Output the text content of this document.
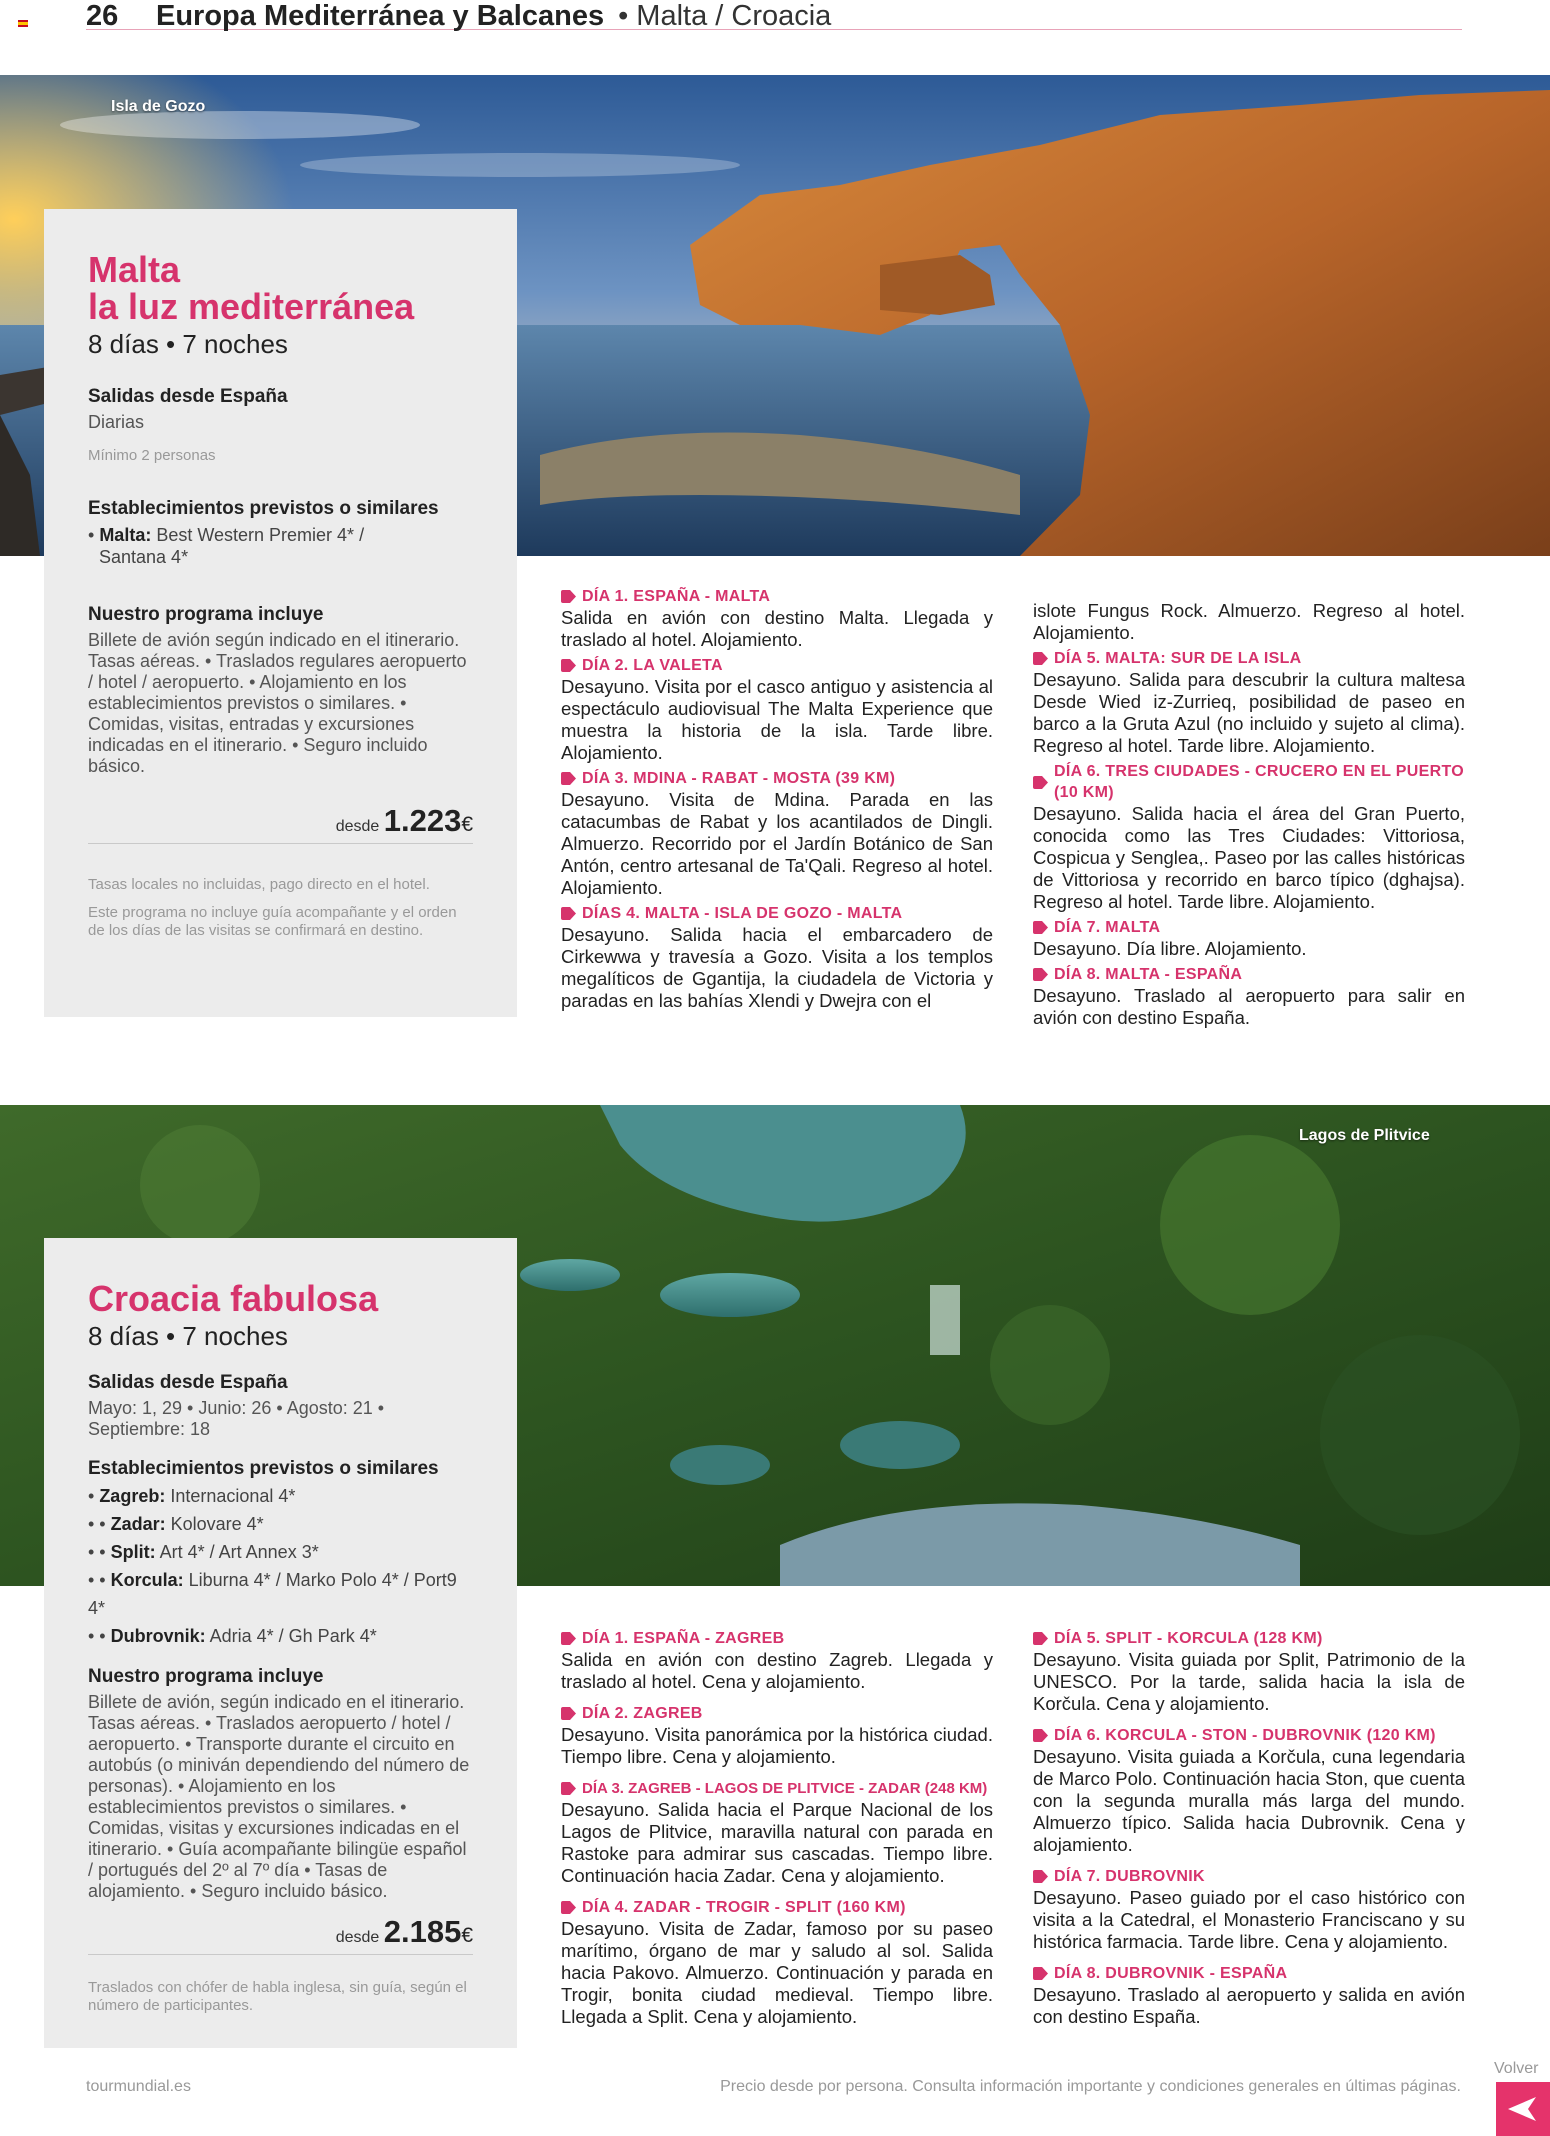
26	Europa Mediterránea y Balcanes • Malta / Croacia
Isla de Gozo
Malta
la luz mediterránea
8 días • 7 noches
Salidas desde España
Diarias
Mínimo 2 personas
Establecimientos previstos o similares
• Malta: Best Western Premier 4* /
Santana 4*
Nuestro programa incluye
Billete de avión según indicado en el itinerario. Tasas aéreas. • Traslados regulares aeropuerto / hotel / aeropuerto. • Alojamiento en los establecimientos previstos o similares. • Comidas, visitas, entradas y excursiones indicadas en el itinerario. • Seguro incluido básico.
desde 1.223€
Tasas locales no incluidas, pago directo en el hotel.
Este programa no incluye guía acompañante y el orden de los días de las visitas se confirmará en destino.
DÍA 1. ESPAÑA - MALTA
Salida en avión con destino Malta. Llegada y traslado al hotel. Alojamiento.
DÍA 2. LA VALETA
Desayuno. Visita por el casco antiguo y asistencia al espectáculo audiovisual The Malta Experience que muestra la historia de la isla. Tarde libre. Alojamiento.
DÍA 3. MDINA - RABAT - MOSTA (39 KM)
Desayuno. Visita de Mdina. Parada en las catacumbas de Rabat y los acantilados de Dingli. Almuerzo. Recorrido por el Jardín Botánico de San Antón, centro artesanal de Ta'Qali. Regreso al hotel. Alojamiento.
DÍAS 4. MALTA - ISLA DE GOZO - MALTA
Desayuno. Salida hacia el embarcadero de Cirkewwa y travesía a Gozo. Visita a los templos megalíticos de Ggantija, la ciudadela de Victoria y paradas en las bahías Xlendi y Dwejra con el
islote Fungus Rock. Almuerzo. Regreso al hotel. Alojamiento.
DÍA 5. MALTA: SUR DE LA ISLA
Desayuno. Salida para descubrir la cultura maltesa Desde Wied iz-Zurrieq, posibilidad de paseo en barco a la Gruta Azul (no incluido y sujeto al clima). Regreso al hotel. Tarde libre. Alojamiento.
DÍA 6. TRES CIUDADES - CRUCERO EN EL PUERTO (10 KM)
Desayuno. Salida hacia el área del Gran Puerto, conocida como las Tres Ciudades: Vittoriosa, Cospicua y Senglea,. Paseo por las calles históricas de Vittoriosa y recorrido en barco típico (dghajsa). Regreso al hotel. Tarde libre. Alojamiento.
DÍA 7. MALTA
Desayuno. Día libre. Alojamiento.
DÍA 8. MALTA - ESPAÑA
Desayuno. Traslado al aeropuerto para salir en avión con destino España.
Lagos de Plitvice
Croacia fabulosa
8 días • 7 noches
Salidas desde España
Mayo: 1, 29 • Junio: 26 • Agosto: 21 • Septiembre: 18
Establecimientos previstos o similares
• Zagreb: Internacional 4*
• • Zadar: Kolovare 4*
• • Split: Art 4* / Art Annex 3*
• • Korcula: Liburna 4* / Marko Polo 4* / Port9 4*
• • Dubrovnik: Adria 4* / Gh Park 4*
Nuestro programa incluye
Billete de avión, según indicado en el itinerario. Tasas aéreas. • Traslados aeropuerto / hotel / aeropuerto. • Transporte durante el circuito en autobús (o miniván dependiendo del número de personas). • Alojamiento en los establecimientos previstos o similares. • Comidas, visitas y excursiones indicadas en el itinerario. • Guía acompañante bilingüe español / portugués del 2º al 7º día • Tasas de alojamiento. • Seguro incluido básico.
desde 2.185€
Traslados con chófer de habla inglesa, sin guía, según el número de participantes.
DÍA 1. ESPAÑA - ZAGREB
Salida en avión con destino Zagreb. Llegada y traslado al hotel. Cena y alojamiento.
DÍA 2. ZAGREB
Desayuno. Visita panorámica por la histórica ciudad. Tiempo libre. Cena y alojamiento.
DÍA 3. ZAGREB - LAGOS DE PLITVICE - ZADAR (248 KM)
Desayuno. Salida hacia el Parque Nacional de los Lagos de Plitvice, maravilla natural con parada en Rastoke para admirar sus cascadas. Tiempo libre. Continuación hacia Zadar. Cena y alojamiento.
DÍA 4. ZADAR - TROGIR - SPLIT (160 KM)
Desayuno. Visita de Zadar, famoso por su paseo marítimo, órgano de mar y saludo al sol. Salida hacia Pakovo. Almuerzo. Continuación y parada en Trogir, bonita ciudad medieval. Tiempo libre. Llegada a Split. Cena y alojamiento.
DÍA 5. SPLIT - KORCULA (128 KM)
Desayuno. Visita guiada por Split, Patrimonio de la UNESCO. Por la tarde, salida hacia la isla de Korčula. Cena y alojamiento.
DÍA 6. KORCULA - STON - DUBROVNIK (120 KM)
Desayuno. Visita guiada a Korčula, cuna legendaria de Marco Polo. Continuación hacia Ston, que cuenta con la segunda muralla más larga del mundo. Almuerzo típico. Salida hacia Dubrovnik. Cena y alojamiento.
DÍA 7. DUBROVNIK
Desayuno. Paseo guiado por el caso histórico con visita a la Catedral, el Monasterio Franciscano y su histórica farmacia. Tarde libre. Cena y alojamiento.
DÍA 8. DUBROVNIK - ESPAÑA
Desayuno. Traslado al aeropuerto y salida en avión con destino España.
tourmundial.es	Precio desde por persona. Consulta información importante y condiciones generales en últimas páginas.
Volver
